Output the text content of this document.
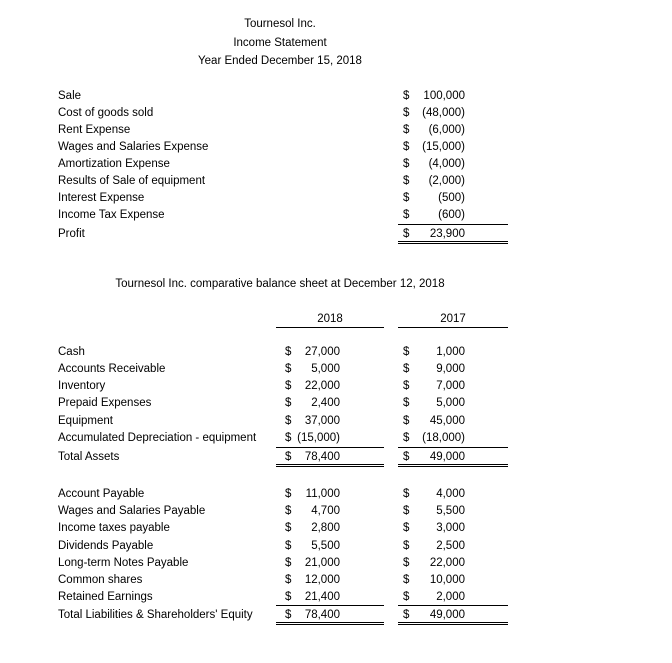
Tournesol Inc.
Income Statement
Year Ended December 15, 2018
Sale	$	100,000
Cost of goods sold	$	(48,000)
Rent Expense	$	(6,000)
Wages and Salaries Expense	$	(15,000)
Amortization Expense	$	(4,000)
Results of Sale of equipment	$	(2,000)
Interest Expense	$	(500)
Income Tax Expense	$	(600)
Profit	$	23,900
Tournesol Inc. comparative balance sheet at December 12, 2018
2018	2017
Cash	$	27,000	$	1,000
Accounts Receivable	$	5,000	$	9,000
Inventory	$	22,000	$	7,000
Prepaid Expenses	$	2,400	$	5,000
Equipment	$	37,000	$	45,000
Accumulated Depreciation - equipment	$ (15,000)	$	(18,000)
Total Assets	$	78,400	$	49,000
Account Payable	$	11,000	$	4,000
Wages and Salaries Payable	$	4,700	$	5,500
Income taxes payable	$	2,800	$	3,000
Dividends Payable	$	5,500	$	2,500
Long-term Notes Payable	$	21,000	$	22,000
Common shares	$	12,000	$	10,000
Retained Earnings	$	21,400	$	2,000
Total Liabilities & Shareholders' Equity	$	78,400	$	49,000
